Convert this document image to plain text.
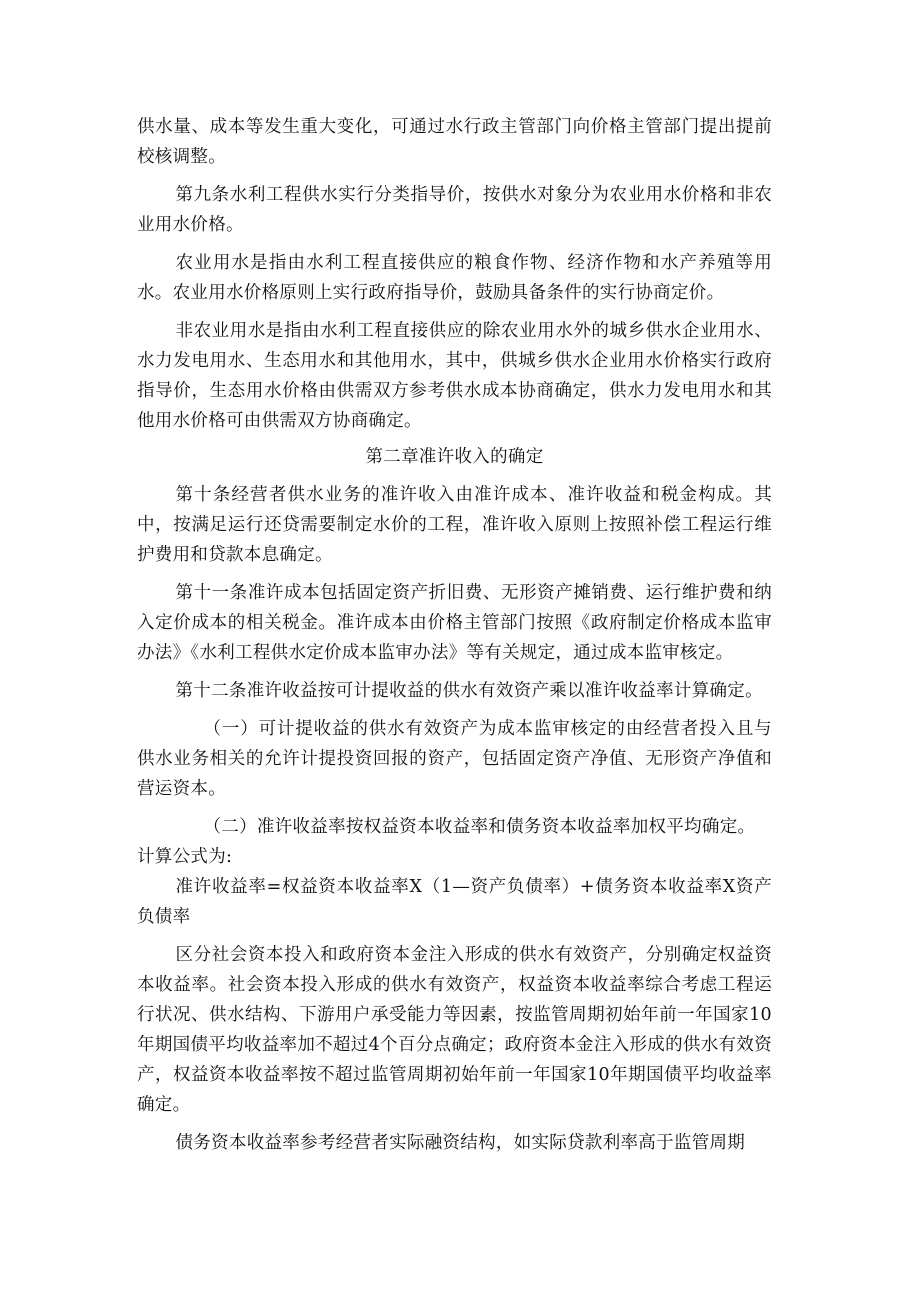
供水量、成本等发生重大变化，可通过水行政主管部门向价格主管部门提出提前校核调整。

第九条水利工程供水实行分类指导价，按供水对象分为农业用水价格和非农业用水价格。

农业用水是指由水利工程直接供应的粮食作物、经济作物和水产养殖等用水。农业用水价格原则上实行政府指导价，鼓励具备条件的实行协商定价。

非农业用水是指由水利工程直接供应的除农业用水外的城乡供水企业用水、水力发电用水、生态用水和其他用水，其中，供城乡供水企业用水价格实行政府指导价，生态用水价格由供需双方参考供水成本协商确定，供水力发电用水和其他用水价格可由供需双方协商确定。

第二章准许收入的确定

第十条经营者供水业务的准许收入由准许成本、准许收益和税金构成。其中，按满足运行还贷需要制定水价的工程，准许收入原则上按照补偿工程运行维护费用和贷款本息确定。

第十一条准许成本包括固定资产折旧费、无形资产摊销费、运行维护费和纳入定价成本的相关税金。准许成本由价格主管部门按照《政府制定价格成本监审办法》《水利工程供水定价成本监审办法》等有关规定，通过成本监审核定。

第十二条准许收益按可计提收益的供水有效资产乘以准许收益率计算确定。

（一）可计提收益的供水有效资产为成本监审核定的由经营者投入且与供水业务相关的允许计提投资回报的资产，包括固定资产净值、无形资产净值和营运资本。

（二）准许收益率按权益资本收益率和债务资本收益率加权平均确定。

计算公式为:

准许收益率=权益资本收益率X（1—资产负债率）+债务资本收益率X资产负债率

区分社会资本投入和政府资本金注入形成的供水有效资产，分别确定权益资本收益率。社会资本投入形成的供水有效资产，权益资本收益率综合考虑工程运行状况、供水结构、下游用户承受能力等因素，按监管周期初始年前一年国家10年期国债平均收益率加不超过4个百分点确定；政府资本金注入形成的供水有效资产，权益资本收益率按不超过监管周期初始年前一年国家10年期国债平均收益率确定。

债务资本收益率参考经营者实际融资结构，如实际贷款利率高于监管周期
